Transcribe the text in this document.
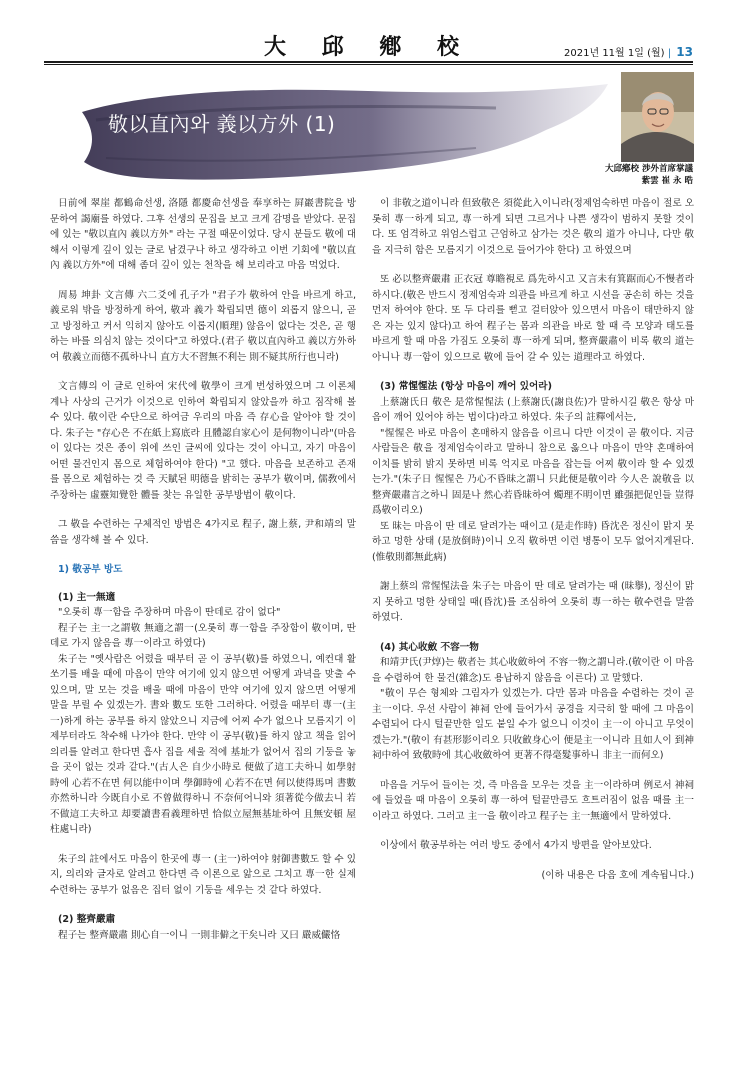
大 邱 鄕 校	2021년 11월 1일 (월) | 13
敬以直內와 義以方外 (1)
大邱鄕校 涉外首席掌議
紫雲 崔 永 晧

日前에 翠崖 都鶴命선생, 洛隱 都慶命선생을 奉享하는 屛巖書院을 방문하여 謁廟를 하였다. 그후 선생의 문집을 보고 크게 감명을 받았다. 문집에 있는 "敬以直內 義以方外" 라는 구절 때문이었다. 당시 분들도 敬에 대해서 이렇게 깊이 있는 글로 남겼구나 하고 생각하고 이번 기회에 "敬以直內 義以方外"에 대해 좀더 깊이 있는 천착을 해 보리라고 마음 먹었다.

周易 坤卦 文言傳 六二爻에 孔子가 "君子가 敬하여 안을 바르게 하고, 義로워 밖을 방정하게 하여, 敬과 義가 확립되면 德이 외롭지 않으니, 곧고 방정하고 커서 익히지 않아도 이롭지(順理) 않음이 없다는 것은, 곧 행하는 바를 의심치 않는 것이다"고 하였다.(君子 敬以直內하고 義以方外하여 敬義立而德不孤하나니 直方大不習無不利는 則不疑其所行也니라)

文言傳의 이 글로 인하여 宋代에 敬學이 크게 번성하였으며 그 이론체계나 사상의 근거가 이것으로 인하여 확립되지 않았을까 하고 짐작해 볼 수 있다. 敬이란 수단으로 하여금 우리의 마음 즉 存心을 알아야 할 것이다. 朱子는 "存心은 不在紙上寫底라 且體認自家心이 是何物이니라"(마음이 있다는 것은 종이 위에 쓰인 글씨에 있다는 것이 아니고, 자기 마음이 어떤 물건인지 몸으로 체험하여야 한다) "고 했다. 마음을 보존하고 존재를 몸으로 체험하는 것 즉 天賦된 明德을 밝히는 공부가 敬이며, 儒敎에서 주장하는 虛靈知覺한 體를 찾는 유일한 공부방법이 敬이다.

그 敬을 수련하는 구체적인 방법은 4가지로 程子, 謝上蔡, 尹和靖의 말씀을 생각해 볼 수 있다.

1) 敬공부 방도
(1) 主一無適
"오롯히 專一함을 주장하며 마음이 딴데로 감이 없다"
程子는 主一之謂敬 無適之謂一(오롯히 專一함을 주장함이 敬이며, 딴데로 가지 않음을 專一이라고 하였다)

朱子는 "옛사람은 어렸을 때부터 곧 이 공부(敬)를 하였으니, 예컨대 활쏘기를 배울 때에 마음이 만약 여기에 있지 않으면 어떻게 과녁을 맞출 수 있으며, 말 모는 것을 배울 때에 마음이 만약 여기에 있지 않으면 어떻게 말을 부릴 수 있겠는가. 書와 數도 또한 그러하다. 어렸을 때부터 專一(主一)하게 하는 공부를 하지 않았으니 지금에 어찌 수가 없으나 모름지기 이제부터라도 착수해 나가야 한다. 만약 이 공부(敬)를 하지 않고 책을 읽어 의리를 알려고 한다면 흡사 집을 세울 적에 基址가 없어서 집의 기둥을 놓을 곳이 없는 것과 같다."(古人은 自少小時로 便做了這工夫하니 如學射時에 心若不在면 何以能中이며 學御時에 心若不在면 何以使得馬며 書數亦然하니라 今既自小로 不曾做得하니 不奈何어니와 須著從今做去니 若不做這工夫하고 却要讀書看義理하면 恰似立屋無基址하여 且無安頓 屋柱處니라)

朱子의 註에서도 마음이 한곳에 專一 (主一)하여야 射御書數도 할 수 있지, 의리와 글자로 알려고 한다면 즉 이론으로 앎으로 그치고 專一한 실제 수련하는 공부가 없음은 집터 없이 기둥을 세우는 것 같다 하였다.

(2) 整齊嚴肅
程子는 整齊嚴肅 則心自一이니 一則非僻之干矣니라 又曰 嚴威儼恪

이 非敬之道이니라 但致敬은 須從此入이니라(정제엄숙하면 마음이 절로 오롯히 專一하게 되고, 專一하게 되면 그르거나 나쁜 생각이 범하지 못할 것이다. 또 엄격하고 위엄스럽고 근엄하고 삼가는 것은 敬의 道가 아니나, 다만 敬을 지극히 함은 모름지기 이것으로 들어가야 한다) 고 하였으며

또 必以整齊嚴肅 正衣冠 尊瞻視로 爲先하시고 又言未有箕踞而心不慢者라하시다.(敬은 반드시 정제엄숙과 의관을 바르게 하고 시선을 공손히 하는 것을 먼저 하여야 한다. 또 두 다리를 뻗고 걸터앉아 있으면서 마음이 태만하지 않은 자는 있지 않다)고 하여 程子는 몸과 의관을 바로 할 때 즉 모양과 태도를 바르게 할 때 마음 가짐도 오롯히 專一하게 되며, 整齊嚴肅이 비록 敬의 道는 아니나 專一함이 있으므로 敬에 들어 갈 수 있는 道理라고 하였다.

(3) 常惺惺法 (항상 마음이 깨어 있어라)
上蔡謝氏日 敬은 是常惺惺法 (上蔡謝氏(謝良佐)가 말하시길 敬은 항상 마음이 깨어 있어야 하는 법이다)라고 하였다. 朱子의 註釋에서는,
"惺惺은 바로 마음이 혼매하지 않음을 이르니 다만 이것이 곧 敬이다. 지금 사람들은 敬을 정제엄숙이라고 말하니 참으로 옳으나 마음이 만약 혼매하여 이치를 밝히 밝지 못하면 비록 억지로 마음을 잡는들 어찌 敬이라 할 수 있겠는가."(朱子日 惺惺은 乃心不昏昧之謂니 只此便是敬이라 今人은 說敬을 以整齊嚴肅言之하니 固是나 然心若昏昧하여 燭理不明이면 雖强把促인들 豈得爲敬이리오)

또 昧는 마음이 딴 데로 달려가는 때이고 (是走作時) 昏沈은 정신이 맑지 못하고 멍한 상태 (是放倒時)이니 오직 敬하면 이런 병통이 모두 없어지게된다. (惟敬則都無此病)

謝上蔡의 常惺惺法을 朱子는 마음이 딴 데로 달려가는 때 (昧擧), 정신이 맑지 못하고 멍한 상태일 때(昏沈)를 조심하여 오롯히 專一하는 敬수련을 말씀하였다.

(4) 其心收斂 不容一物
和靖尹氏(尹焞)는 敬者는 其心收斂하여 不容一物之謂니라.(敬이란 이 마음을 수렴하여 한 물건(雜念)도 용납하지 않음을 이른다) 고 말했다.

"敬이 무슨 형체와 그림자가 있겠는가. 다만 몸과 마음을 수렴하는 것이 곧 主一이다. 우선 사람이 神祠 안에 들어가서 공경을 지극히 할 때에 그 마음이 수렴되어 다시 털끝만한 일도 붙일 수가 없으니 이것이 主一이 아니고 무엇이겠는가."(敬이 有甚形影이리오 只收斂身心이 便是主一이니라 且如人이 到神祠中하여 致敬時에 其心收斂하여 更著不得毫髮事하니 非主一而何오)

마음을 거두어 들이는 것, 즉 마음을 모우는 것을 主一이라하며 例로서 神祠에 들었을 때 마음이 오롯히 專一하여 털끝만큼도 흐트러짐이 없음 때를 主一이라고 하였다. 그러고 主一을 敬이라고 程子는 主一無適에서 말하였다.

이상에서 敬공부하는 여러 방도 중에서 4가지 방편을 알아보았다.

(이하 내용은 다음 호에 계속됩니다.)
